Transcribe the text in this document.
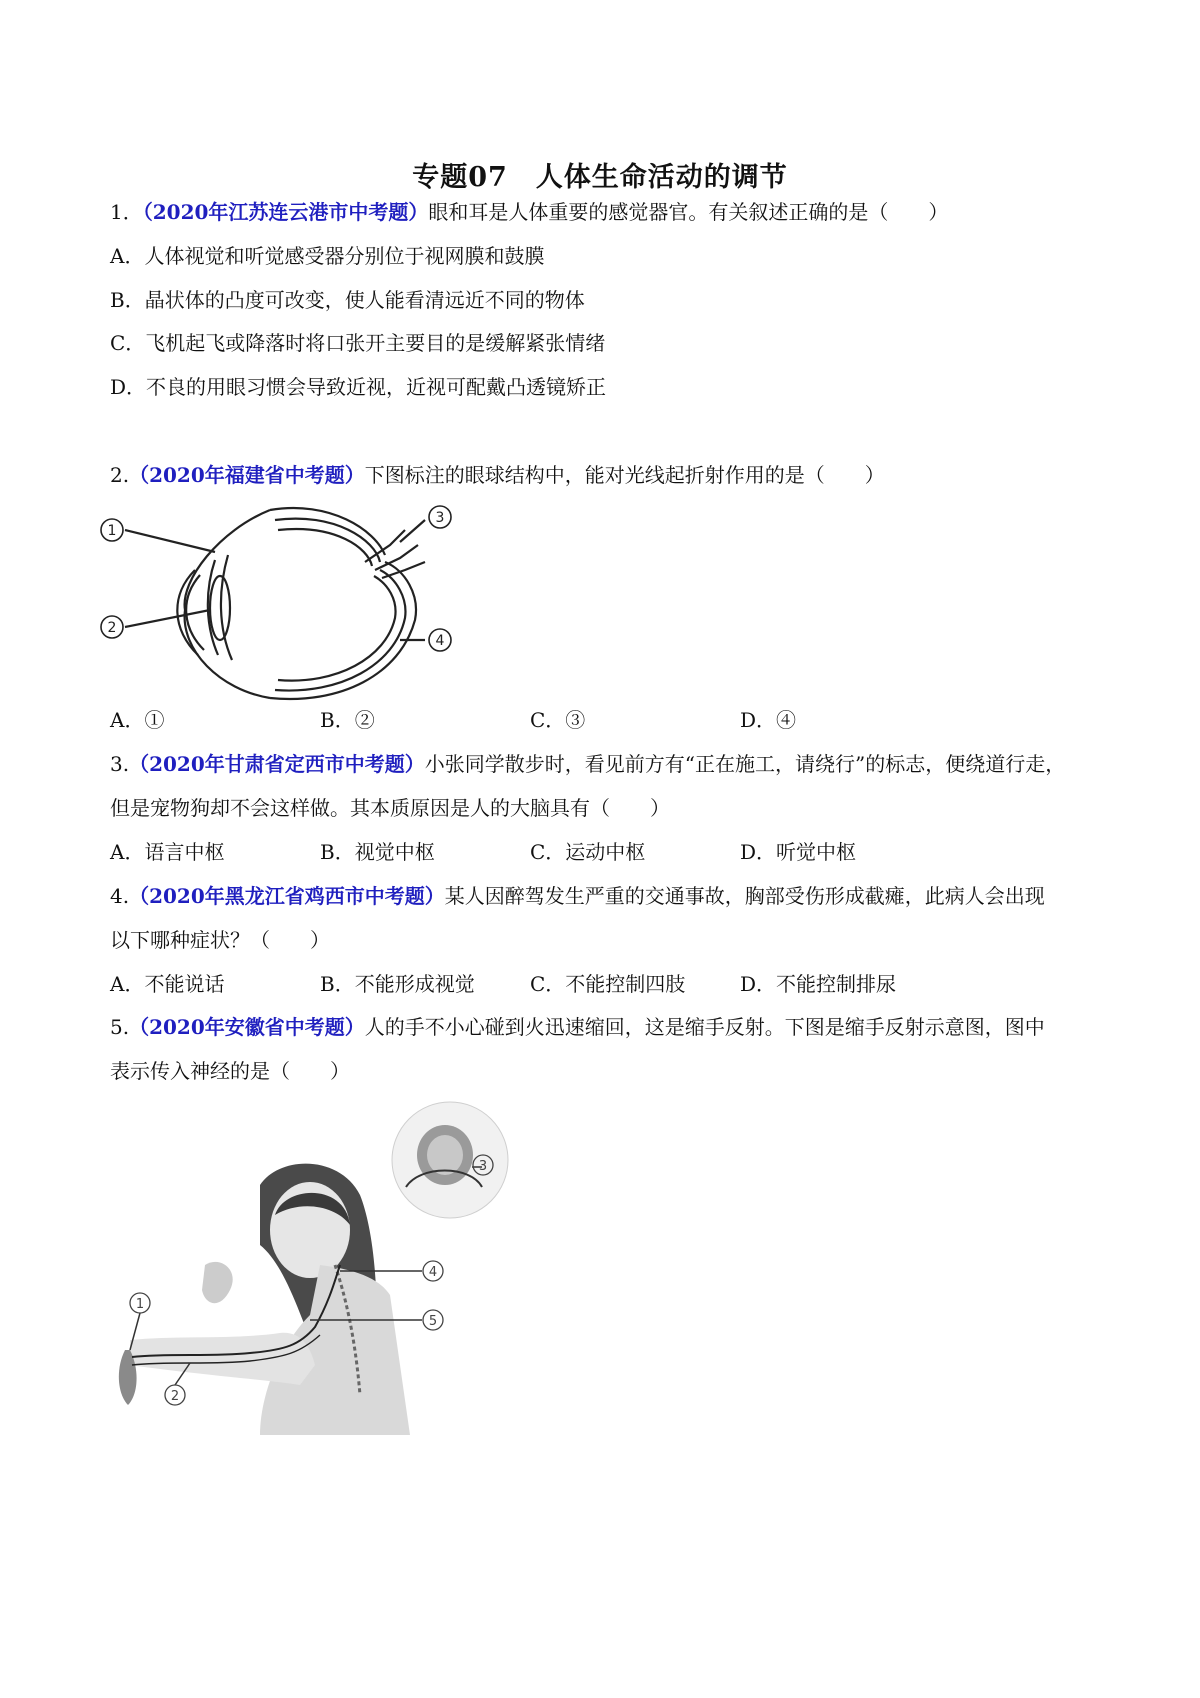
专题07　人体生命活动的调节
1．（2020年江苏连云港市中考题）眼和耳是人体重要的感觉器官。有关叙述正确的是（　　）
A．人体视觉和听觉感受器分别位于视网膜和鼓膜
B．晶状体的凸度可改变，使人能看清远近不同的物体
C．飞机起飞或降落时将口张开主要目的是缓解紧张情绪
D．不良的用眼习惯会导致近视，近视可配戴凸透镜矫正
2.（2020年福建省中考题）下图标注的眼球结构中，能对光线起折射作用的是（　　）
1
2
3
4
A．①	B．②	C．③	D．④
3.（2020年甘肃省定西市中考题）小张同学散步时，看见前方有“正在施工，请绕行”的标志，便绕道行走，
但是宠物狗却不会这样做。其本质原因是人的大脑具有（　　）
A．语言中枢	B．视觉中枢	C．运动中枢	D．听觉中枢
4.（2020年黑龙江省鸡西市中考题）某人因醉驾发生严重的交通事故，胸部受伤形成截瘫，此病人会出现
以下哪种症状？（　　）
A．不能说话	B．不能形成视觉	C．不能控制四肢	D．不能控制排尿
5.（2020年安徽省中考题）人的手不小心碰到火迅速缩回，这是缩手反射。下图是缩手反射示意图，图中
表示传入神经的是（　　）
1
2
3
4
5
